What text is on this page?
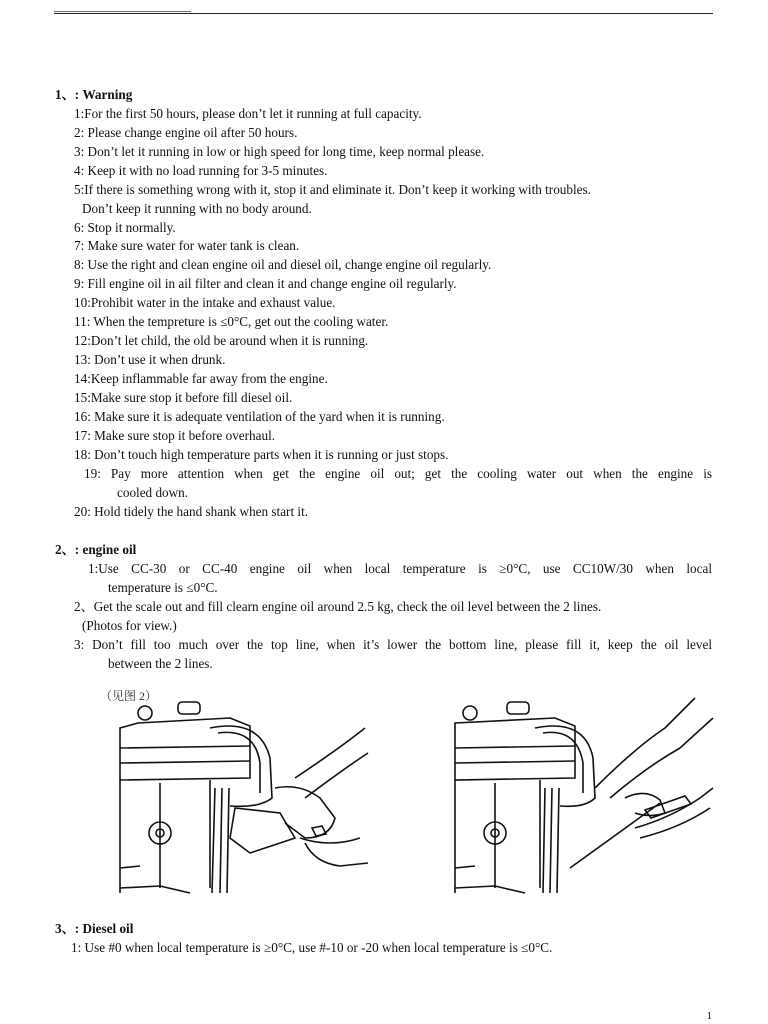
1、: Warning
1:For the first 50 hours, please don’t let it running at full capacity.
2: Please change engine oil after 50 hours.
3: Don’t let it running in low or high speed for long time, keep normal please.
4: Keep it with no load running for 3-5 minutes.
5:If there is something wrong with it, stop it and eliminate it. Don’t keep it working with troubles.
Don’t keep it running with no body around.
6: Stop it normally.
7: Make sure water for water tank is clean.
8: Use the right and clean engine oil and diesel oil, change engine oil regularly.
9: Fill engine oil in ail filter and clean it and change engine oil regularly.
10:Prohibit water in the intake and exhaust value.
11: When the tempreture is ≤0°C, get out the cooling water.
12:Don’t let child, the old be around when it is running.
13: Don’t use it when drunk.
14:Keep inflammable far away from the engine.
15:Make sure stop it before fill diesel oil.
16: Make sure it is adequate ventilation of the yard when it is running.
17: Make sure stop it before overhaul.
18: Don’t touch high temperature parts when it is running or just stops.
19: Pay more attention when get the engine oil out; get the cooling water out when the engine is
cooled down.
20: Hold tidely the hand shank when start it.
2、: engine oil
1:Use CC-30 or CC-40 engine oil when local temperature is ≥0°C, use CC10W/30 when local
temperature is ≤0°C.
2、Get the scale out and fill clearn engine oil around 2.5 kg, check the oil level between the 2 lines.
(Photos for view.)
3: Don’t fill too much over the top line, when it’s lower the bottom line, please fill it, keep the oil level
between the 2 lines.
（见图 2）
3、: Diesel oil
1: Use #0 when local temperature is ≥0°C, use #-10 or -20 when local temperature is ≤0°C.
1
